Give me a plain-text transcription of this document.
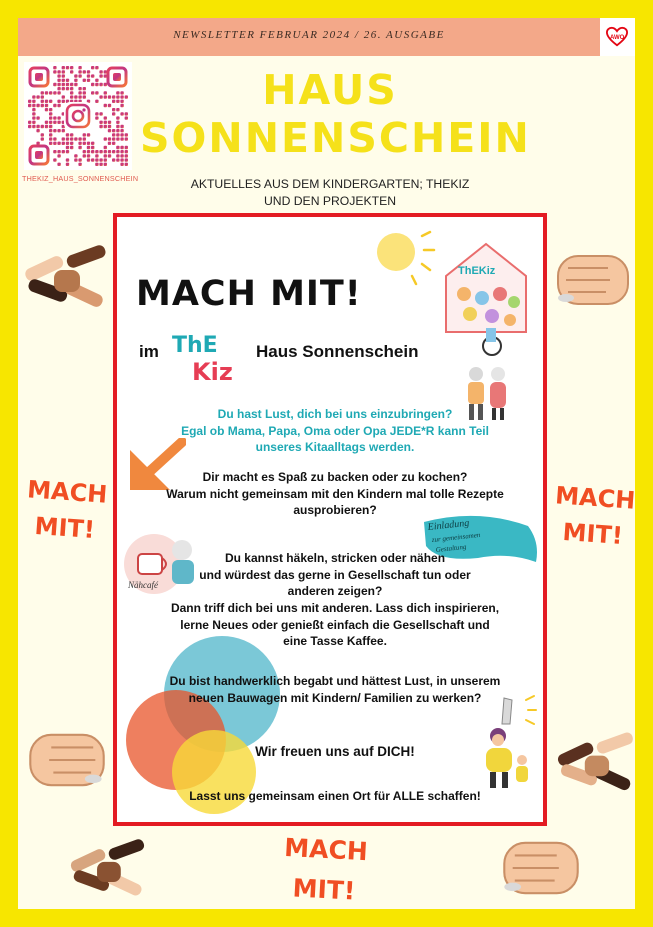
NEWSLETTER FEBRUAR 2024 / 26. AUSGABE	AWO
THEKIZ_HAUS_SONNENSCHEIN
HAUS
SONNENSCHEIN
AKTUELLES AUS DEM KINDERGARTEN; THEKIZ
UND DEN PROJEKTEN
MACH
MIT!
MACH
MIT!
MACH
MIT!
ThEKiz
Nähcafé
Einladung
zur gemeinsamen
Gestaltung
MACH MIT!
im ThE
Kiz
Haus Sonnenschein
Du hast Lust, dich bei uns einzubringen?
Egal ob Mama, Papa, Oma oder Opa JEDE*R kann Teil
unseres Kitaalltags werden.
Dir macht es Spaß zu backen oder zu kochen?
Warum nicht gemeinsam mit den Kindern mal tolle Rezepte
ausprobieren?
Du kannst häkeln, stricken oder nähen
und würdest das gerne in Gesellschaft tun oder
anderen zeigen?
Dann triff dich bei uns mit anderen. Lass dich inspirieren,
lerne Neues oder genießt einfach die Gesellschaft und
eine Tasse Kaffee.
Du bist handwerklich begabt und hättest Lust, in unserem
neuen Bauwagen mit Kindern/ Familien zu werken?
Wir freuen uns auf DICH!
Lasst uns gemeinsam einen Ort für ALLE schaffen!
